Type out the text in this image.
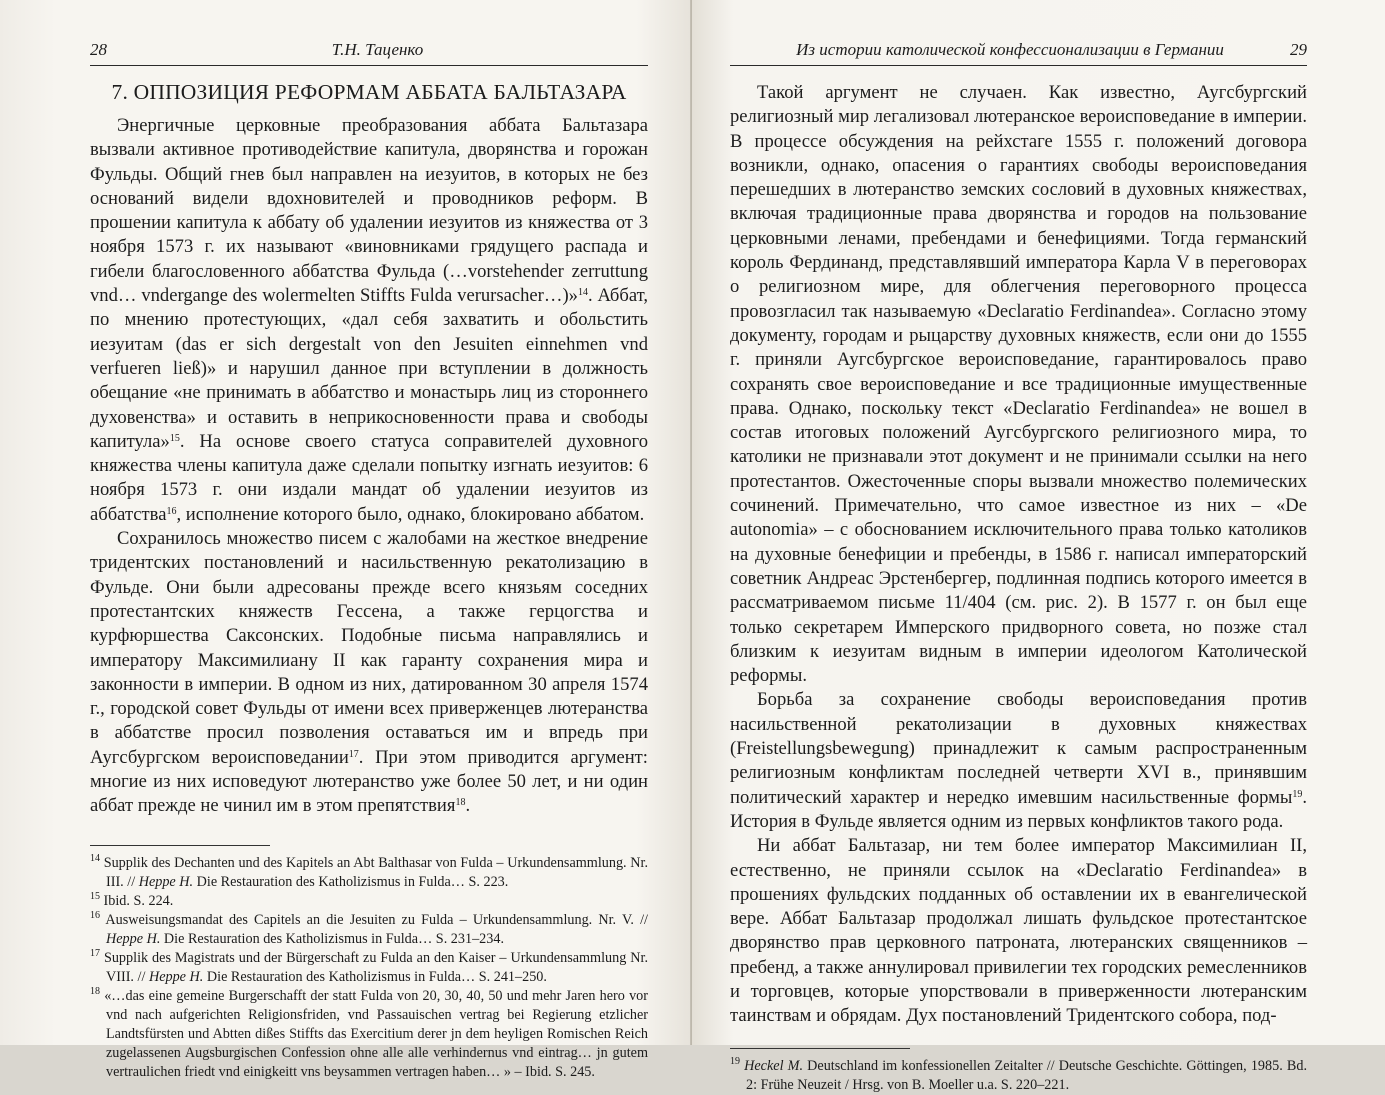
28	Т.Н. Таценко
7. ОППОЗИЦИЯ РЕФОРМАМ АББАТА БАЛЬТАЗАРА

Энергичные церковные преобразования аббата Бальтазара вызвали активное противодействие капитула, дворянства и горожан Фульды. Общий гнев был направлен на иезуитов, в которых не без оснований видели вдохновителей и проводников реформ. В прошении капитула к аббату об удалении иезуитов из княжества от 3 ноября 1573 г. их называют «виновниками грядущего распада и гибели благословенного аббатства Фульда (…vorstehender zerruttung vnd… vndergange des wolermelten Stiffts Fulda verursacher…)»$^{14}$. Аббат, по мнению протестующих, «дал себя захватить и обольстить иезуитам (das er sich dergestalt von den Jesuiten einnehmen vnd verfueren ließ)» и нарушил данное при вступлении в должность обещание «не принимать в аббатство и монастырь лиц из стороннего духовенства» и оставить в неприкосновенности права и свободы капитула»$^{15}$. На основе своего статуса соправителей духовного княжества члены капитула даже сделали попытку изгнать иезуитов: 6 ноября 1573 г. они издали мандат об удалении иезуитов из аббатства$^{16}$, исполнение которого было, однако, блокировано аббатом.

Сохранилось множество писем с жалобами на жесткое внедрение тридентских постановлений и насильственную рекатолизацию в Фульде. Они были адресованы прежде всего князьям соседних протестантских княжеств Гессена, а также герцогства и курфюршества Саксонских. Подобные письма направлялись и императору Максимилиану II как гаранту сохранения мира и законности в империи. В одном из них, датированном 30 апреля 1574 г., городской совет Фульды от имени всех приверженцев лютеранства в аббатстве просил позволения оставаться им и впредь при Аугсбургском вероисповедании$^{17}$. При этом приводится аргумент: многие из них исповедуют лютеранство уже более 50 лет, и ни один аббат прежде не чинил им в этом препятствия$^{18}$.

$^{14}$ Supplik des Dechanten und des Kapitels an Abt Balthasar von Fulda – Urkundensammlung. Nr. III. // Heppe H. Die Restauration des Katholizismus in Fulda… S. 223.

$^{15}$ Ibid. S. 224.

$^{16}$ Ausweisungsmandat des Capitels an die Jesuiten zu Fulda – Urkundensammlung. Nr. V. // Heppe H. Die Restauration des Katholizismus in Fulda… S. 231–234.

$^{17}$ Supplik des Magistrats und der Bürgerschaft zu Fulda an den Kaiser – Urkundensammlung Nr. VIII. // Heppe H. Die Restauration des Katholizismus in Fulda… S. 241–250.

$^{18}$ «…das eine gemeine Burgerschafft der statt Fulda von 20, 30, 40, 50 und mehr Jaren hero vor vnd nach aufgerichten Religionsfriden, vnd Passauischen vertrag bei Regierung etzlicher Landtsfürsten und Abtten dißes Stiffts das Exercitium derer jn dem heyligen Romischen Reich zugelassenen Augsburgischen Confession ohne alle alle verhindernus vnd eintrag… jn gutem vertraulichen friedt vnd einigkeitt vns beysammen vertragen haben… » – Ibid. S. 245.

Из истории католической конфессионализации в Германии	29

Такой аргумент не случаен. Как известно, Аугсбургский религиозный мир легализовал лютеранское вероисповедание в империи. В процессе обсуждения на рейхстаге 1555 г. положений договора возникли, однако, опасения о гарантиях свободы вероисповедания перешедших в лютеранство земских сословий в духовных княжествах, включая традиционные права дворянства и городов на пользование церковными ленами, пребендами и бенефициями. Тогда германский король Фердинанд, представлявший императора Карла V в переговорах о религиозном мире, для облегчения переговорного процесса провозгласил так называемую «Declaratio Ferdinandea». Согласно этому документу, городам и рыцарству духовных княжеств, если они до 1555 г. приняли Аугсбургское вероисповедание, гарантировалось право сохранять свое вероисповедание и все традиционные имущественные права. Однако, поскольку текст «Declaratio Ferdinandea» не вошел в состав итоговых положений Аугсбургского религиозного мира, то католики не признавали этот документ и не принимали ссылки на него протестантов. Ожесточенные споры вызвали множество полемических сочинений. Примечательно, что самое известное из них – «De autonomia» – с обоснованием исключительного права только католиков на духовные бенефиции и пребенды, в 1586 г. написал императорский советник Андреас Эрстенбергер, подлинная подпись которого имеется в рассматриваемом письме 11/404 (см. рис. 2). В 1577 г. он был еще только секретарем Имперского придворного совета, но позже стал близким к иезуитам видным в империи идеологом Католической реформы.

Борьба за сохранение свободы вероисповедания против насильственной рекатолизации в духовных княжествах (Freistellungsbewegung) принадлежит к самым распространенным религиозным конфликтам последней четверти XVI в., принявшим политический характер и нередко имевшим насильственные формы$^{19}$. История в Фульде является одним из первых конфликтов такого рода.

Ни аббат Бальтазар, ни тем более император Максимилиан II, естественно, не приняли ссылок на «Declaratio Ferdinandea» в прошениях фульдских подданных об оставлении их в евангелической вере. Аббат Бальтазар продолжал лишать фульдское протестантское дворянство прав церковного патроната, лютеранских священников – пребенд, а также аннулировал привилегии тех городских ремесленников и торговцев, которые упорствовали в приверженности лютеранским таинствам и обрядам. Дух постановлений Тридентского собора, под-

$^{19}$ Heckel M. Deutschland im konfessionellen Zeitalter // Deutsche Geschichte. Göttingen, 1985. Bd. 2: Frühe Neuzeit / Hrsg. von B. Moeller u.a. S. 220–221.
